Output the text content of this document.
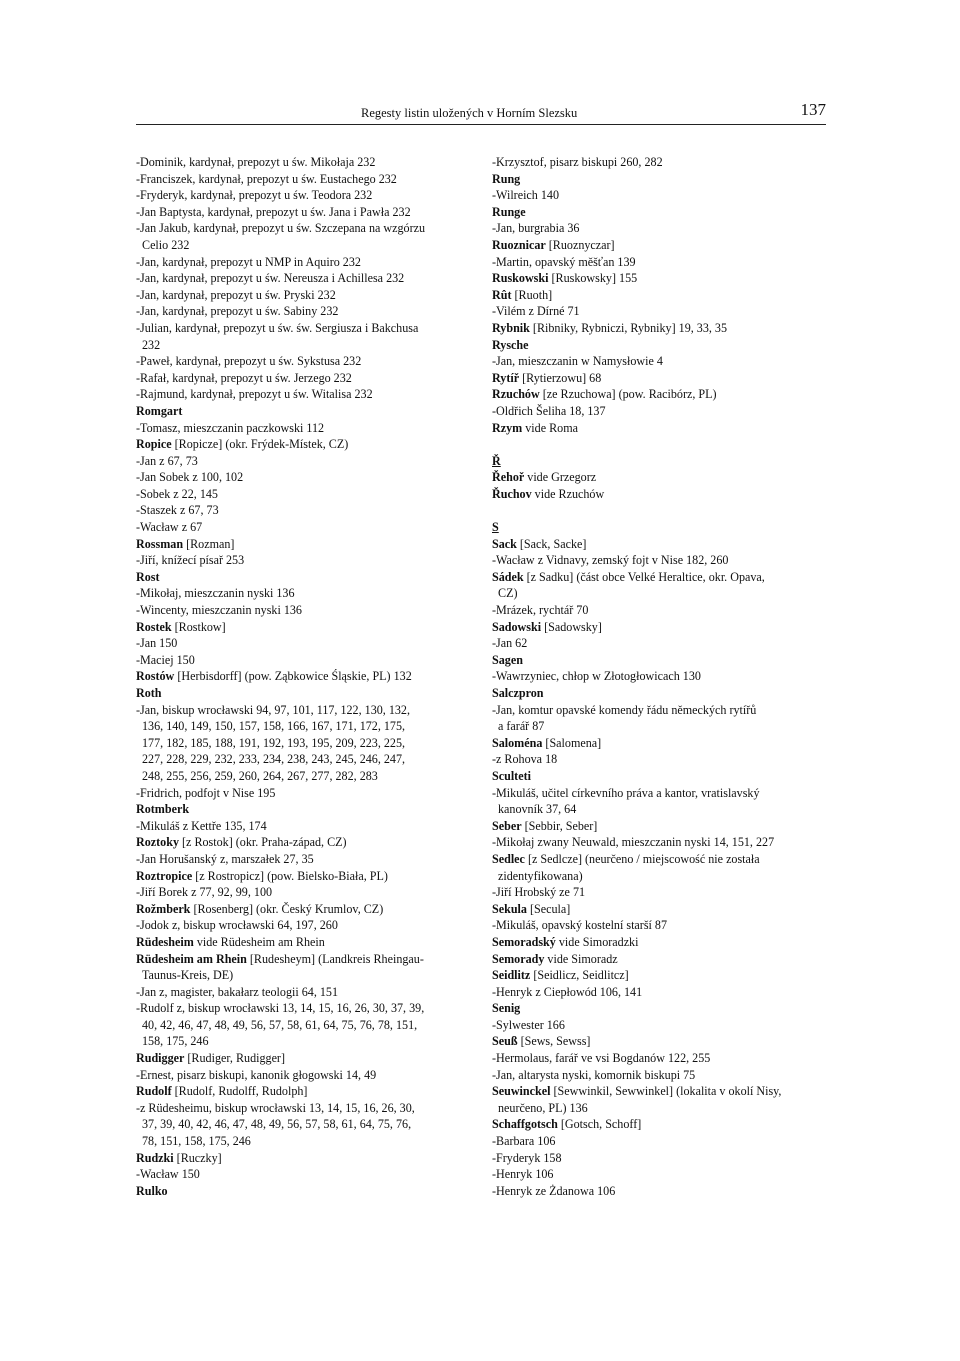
Regesty listin uložených v Horním Slezsku	137
-Dominik, kardynał, prepozyt u św. Mikołaja 232
-Franciszek, kardynał, prepozyt u św. Eustachego 232
-Fryderyk, kardynał, prepozyt u św. Teodora 232
-Jan Baptysta, kardynał, prepozyt u św. Jana i Pawła 232
-Jan Jakub, kardynał, prepozyt u św. Szczepana na wzgórzu
Celio 232
-Jan, kardynał, prepozyt u NMP in Aquiro 232
-Jan, kardynał, prepozyt u św. Nereusza i Achillesa 232
-Jan, kardynał, prepozyt u św. Pryski 232
-Jan, kardynał, prepozyt u św. Sabiny 232
-Julian, kardynał, prepozyt u św. św. Sergiusza i Bakchusa
232
-Paweł, kardynał, prepozyt u św. Sykstusa 232
-Rafał, kardynał, prepozyt u św. Jerzego 232
-Rajmund, kardynał, prepozyt u św. Witalisa 232
Romgart
-Tomasz, mieszczanin paczkowski 112
Ropice [Ropicze] (okr. Frýdek-Místek, CZ)
-Jan z 67, 73
-Jan Sobek z 100, 102
-Sobek z 22, 145
-Staszek z 67, 73
-Wacław z 67
Rossman [Rozman]
-Jiří, knížecí písař 253
Rost
-Mikołaj, mieszczanin nyski 136
-Wincenty, mieszczanin nyski 136
Rostek [Rostkow]
-Jan 150
-Maciej 150
Rostów [Herbisdorff] (pow. Ząbkowice Śląskie, PL) 132
Roth
-Jan, biskup wrocławski 94, 97, 101, 117, 122, 130, 132,
136, 140, 149, 150, 157, 158, 166, 167, 171, 172, 175,
177, 182, 185, 188, 191, 192, 193, 195, 209, 223, 225,
227, 228, 229, 232, 233, 234, 238, 243, 245, 246, 247,
248, 255, 256, 259, 260, 264, 267, 277, 282, 283
-Fridrich, podfojt v Nise 195
Rotmberk
-Mikuláš z Kettře 135, 174
Roztoky [z Rostok] (okr. Praha-západ, CZ)
-Jan Horušanský z, marszałek 27, 35
Roztropice [z Rostropicz] (pow. Bielsko-Biała, PL)
-Jiří Borek z 77, 92, 99, 100
Rožmberk [Rosenberg] (okr. Český Krumlov, CZ)
-Jodok z, biskup wrocławski 64, 197, 260
Rüdesheim vide Rüdesheim am Rhein
Rüdesheim am Rhein [Rudesheym] (Landkreis Rheingau-
Taunus-Kreis, DE)
-Jan z, magister, bakałarz teologii 64, 151
-Rudolf z, biskup wrocławski 13, 14, 15, 16, 26, 30, 37, 39,
40, 42, 46, 47, 48, 49, 56, 57, 58, 61, 64, 75, 76, 78, 151,
158, 175, 246
Rudigger [Rudiger, Rudigger]
-Ernest, pisarz biskupi, kanonik głogowski 14, 49
Rudolf [Rudolf, Rudolff, Rudolph]
-z Rüdesheimu, biskup wrocławski 13, 14, 15, 16, 26, 30,
37, 39, 40, 42, 46, 47, 48, 49, 56, 57, 58, 61, 64, 75, 76,
78, 151, 158, 175, 246
Rudzki [Ruczky]
-Wacław 150
Rulko
-Krzysztof, pisarz biskupi 260, 282
Rung
-Wilreich 140
Runge
-Jan, burgrabia 36
Ruoznicar [Ruoznyczar]
-Martin, opavský měšťan 139
Ruskowski [Ruskowsky] 155
Rût [Ruoth]
-Vilém z Dírné 71
Rybnik [Ribniky, Rybniczi, Rybniky] 19, 33, 35
Rysche
-Jan, mieszczanin w Namysłowie 4
Rytíř [Rytierzowu] 68
Rzuchów [ze Rzuchowa] (pow. Racibórz, PL)
-Oldřich Šeliha 18, 137
Rzym vide Roma
Ř
Řehoř vide Grzegorz
Řuchov vide Rzuchów
S
Sack [Sack, Sacke]
-Wacław z Vidnavy, zemský fojt v Nise 182, 260
Sádek [z Sadku] (část obce Velké Heraltice, okr. Opava,
CZ)
-Mrázek, rychtář 70
Sadowski [Sadowsky]
-Jan 62
Sagen
-Wawrzyniec, chłop w Złotogłowicach 130
Salczpron
-Jan, komtur opavské komendy řádu německých rytířů
a farář 87
Saloména [Salomena]
-z Rohova 18
Sculteti
-Mikuláš, učitel církevního práva a kantor, vratislavský
kanovník 37, 64
Seber [Sebbir, Seber]
-Mikołaj zwany Neuwald, mieszczanin nyski 14, 151, 227
Sedlec [z Sedlcze] (neurčeno / miejscowość nie została
zidentyfikowana)
-Jiří Hrobský ze 71
Sekula [Secula]
-Mikuláš, opavský kostelní starší 87
Semoradský vide Simoradzki
Semorady vide Simoradz
Seidlitz [Seidlicz, Seidlitcz]
-Henryk z Ciepłowód 106, 141
Senig
-Sylwester 166
Seuß [Sews, Sewss]
-Hermolaus, farář ve vsi Bogdanów 122, 255
-Jan, altarysta nyski, komornik biskupi 75
Seuwinckel [Sewwinkil, Sewwinkel] (lokalita v okolí Nisy,
neurčeno, PL) 136
Schaffgotsch [Gotsch, Schoff]
-Barbara 106
-Fryderyk 158
-Henryk 106
-Henryk ze Żdanowa 106
